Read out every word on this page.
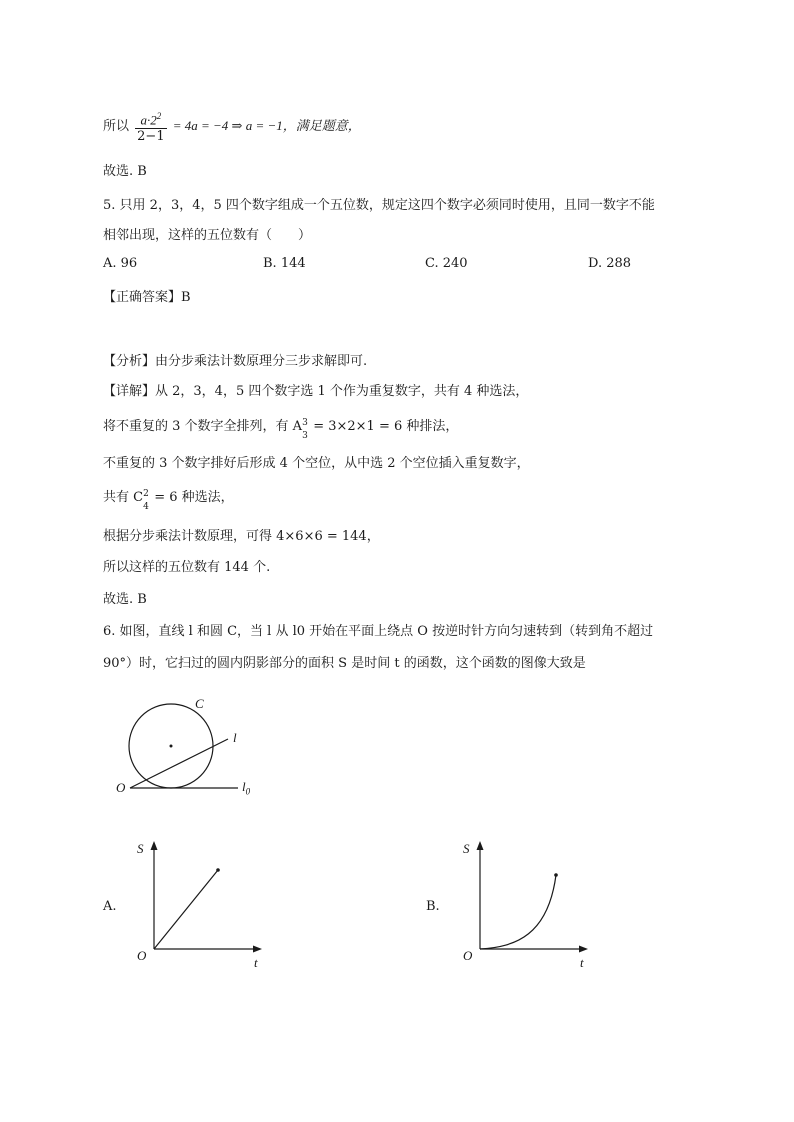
所以 $\frac{a\cdot 2^2}{2-1} = 4a = -4$ ⇒ a = −1，满足题意，
故选. B
5. 只用 2，3，4，5 四个数字组成一个五位数，规定这四个数字必须同时使用，且同一数字不能
相邻出现，这样的五位数有（　　）
A. 96	B. 144	C. 240	D. 288
【正确答案】B
【分析】由分步乘法计数原理分三步求解即可.
【详解】从 2，3，4，5 四个数字选 1 个作为重复数字，共有 4 种选法，
将不重复的 3 个数字全排列，有 A 3
3
= 3×2×1 = 6 种排法，
不重复的 3 个数字排好后形成 4 个空位，从中选 2 个空位插入重复数字，
共有 C 2
4
= 6 种选法，
根据分步乘法计数原理，可得 4×6×6 = 144，
所以这样的五位数有 144 个.
故选. B
6. 如图，直线 l 和圆 C，当 l 从 l0 开始在平面上绕点 O 按逆时针方向匀速转到（转到角不超过
90°）时，它扫过的圆内阴影部分的面积 S 是时间 t 的函数，这个函数的图像大致是
C
l
O	$l_0$
A.
S
O	t
B.
S
O	t
